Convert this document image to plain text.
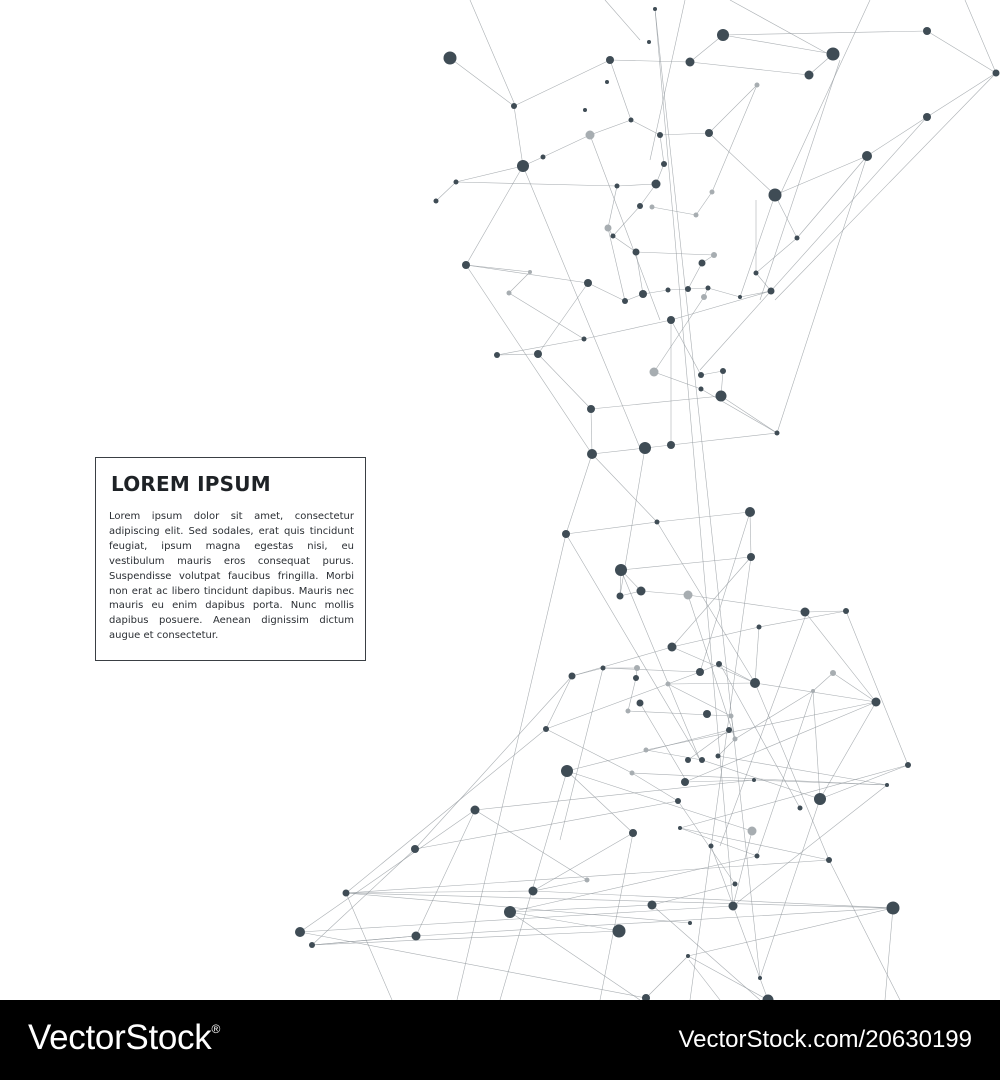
LOREM IPSUM

Lorem ipsum dolor sit amet, consectetur adipiscing elit. Sed sodales, erat quis tincidunt feugiat, ipsum magna egestas nisi, eu vestibulum mauris eros consequat purus. Suspendisse volutpat faucibus fringilla. Morbi non erat ac libero tincidunt dapibus. Mauris nec mauris eu enim dapibus porta. Nunc mollis dapibus posuere. Aenean dignissim dictum augue et consectetur.

VectorStock®	VectorStock.com/20630199
